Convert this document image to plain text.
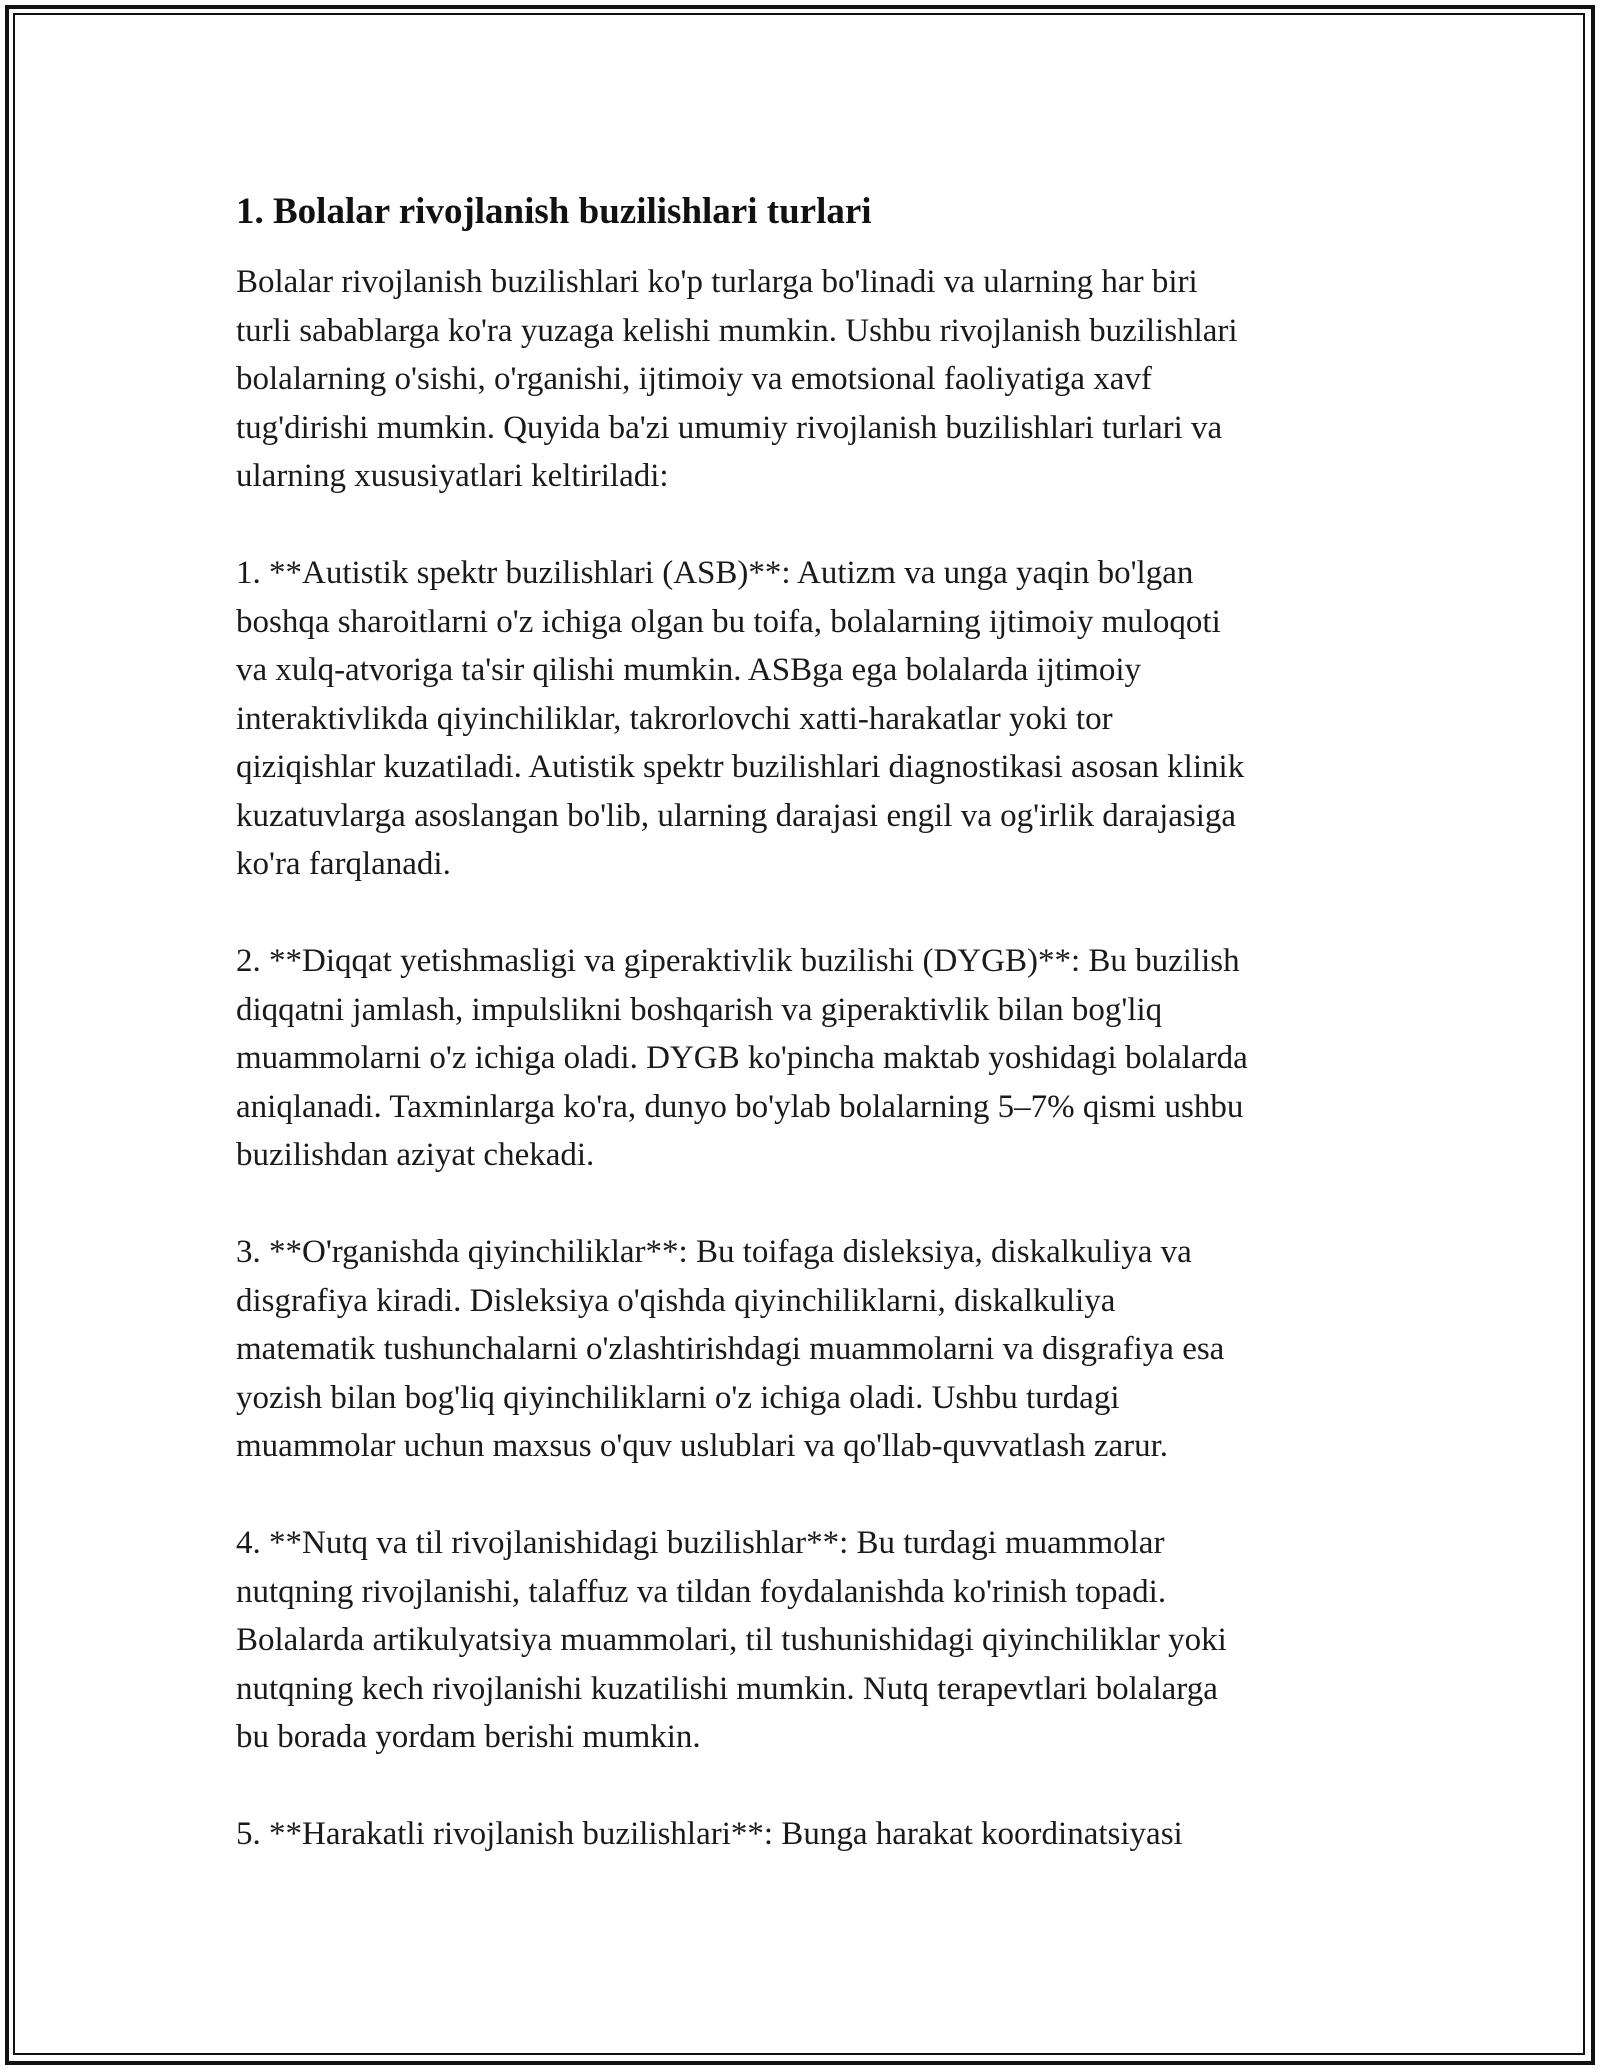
1. Bolalar rivojlanish buzilishlari turlari
Bolalar rivojlanish buzilishlari ko'p turlarga bo'linadi va ularning har biri
turli sabablarga ko'ra yuzaga kelishi mumkin. Ushbu rivojlanish buzilishlari
bolalarning o'sishi, o'rganishi, ijtimoiy va emotsional faoliyatiga xavf
tug'dirishi mumkin. Quyida ba'zi umumiy rivojlanish buzilishlari turlari va
ularning xususiyatlari keltiriladi:
1. **Autistik spektr buzilishlari (ASB)**: Autizm va unga yaqin bo'lgan
boshqa sharoitlarni o'z ichiga olgan bu toifa, bolalarning ijtimoiy muloqoti
va xulq-atvoriga ta'sir qilishi mumkin. ASBga ega bolalarda ijtimoiy
interaktivlikda qiyinchiliklar, takrorlovchi xatti-harakatlar yoki tor
qiziqishlar kuzatiladi. Autistik spektr buzilishlari diagnostikasi asosan klinik
kuzatuvlarga asoslangan bo'lib, ularning darajasi engil va og'irlik darajasiga
ko'ra farqlanadi.
2. **Diqqat yetishmasligi va giperaktivlik buzilishi (DYGB)**: Bu buzilish
diqqatni jamlash, impulslikni boshqarish va giperaktivlik bilan bog'liq
muammolarni o'z ichiga oladi. DYGB ko'pincha maktab yoshidagi bolalarda
aniqlanadi. Taxminlarga ko'ra, dunyo bo'ylab bolalarning 5–7% qismi ushbu
buzilishdan aziyat chekadi.
3. **O'rganishda qiyinchiliklar**: Bu toifaga disleksiya, diskalkuliya va
disgrafiya kiradi. Disleksiya o'qishda qiyinchiliklarni, diskalkuliya
matematik tushunchalarni o'zlashtirishdagi muammolarni va disgrafiya esa
yozish bilan bog'liq qiyinchiliklarni o'z ichiga oladi. Ushbu turdagi
muammolar uchun maxsus o'quv uslublari va qo'llab-quvvatlash zarur.
4. **Nutq va til rivojlanishidagi buzilishlar**: Bu turdagi muammolar
nutqning rivojlanishi, talaffuz va tildan foydalanishda ko'rinish topadi.
Bolalarda artikulyatsiya muammolari, til tushunishidagi qiyinchiliklar yoki
nutqning kech rivojlanishi kuzatilishi mumkin. Nutq terapevtlari bolalarga
bu borada yordam berishi mumkin.
5. **Harakatli rivojlanish buzilishlari**: Bunga harakat koordinatsiyasi
